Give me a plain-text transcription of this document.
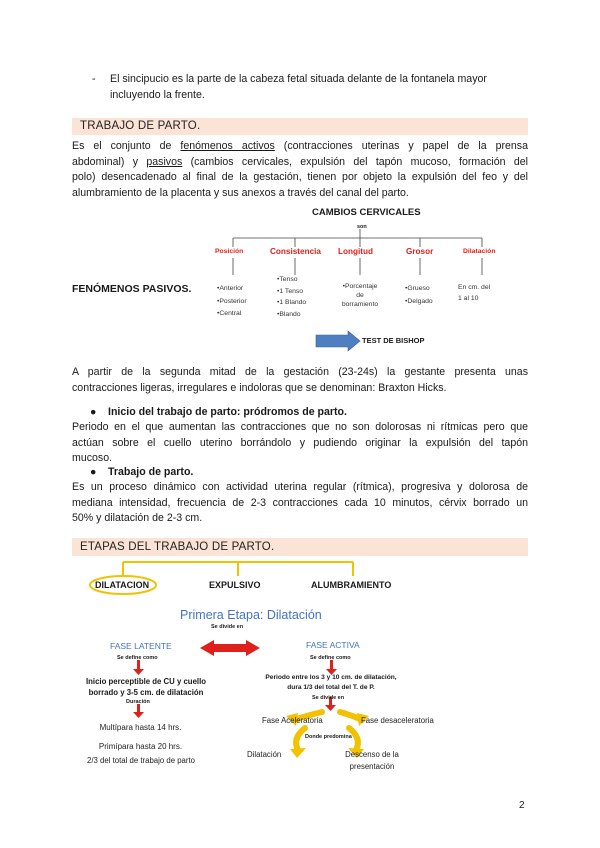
- El sincipucio es la parte de la cabeza fetal situada delante de la fontanela mayor
incluyendo la frente.
TRABAJO DE PARTO.
Es el conjunto de fenómenos activos (contracciones uterinas y papel de la prensa
abdominal) y pasivos (cambios cervicales, expulsión del tapón mucoso, formación del
polo) desencadenado al final de la gestación, tienen por objeto la expulsión del feo y del
alumbramiento de la placenta y sus anexos a través del canal del parto.
FENÓMENOS PASIVOS.
CAMBIOS CERVICALES
son
Posición	Consistencia Longitud	Grosor	Dilatación
•Anterior
•Posterior
•Central
•Tenso
•1 Tenso
•1 Blando
•Blando
•Porcentaje
de
borramiento
•Grueso
•Delgado
En cm. del
1 al 10
TEST DE BISHOP
A partir de la segunda mitad de la gestación (23-24s) la gestante presenta unas
contracciones ligeras, irregulares e indoloras que se denominan: Braxton Hicks.
● Inicio del trabajo de parto: pródromos de parto.
Periodo en el que aumentan las contracciones que no son dolorosas ni rítmicas pero que
actúan sobre el cuello uterino borrándolo y pudiendo originar la expulsión del tapón
mucoso.
● Trabajo de parto.
Es un proceso dinámico con actividad uterina regular (rítmica), progresiva y dolorosa de
mediana intensidad, frecuencia de 2-3 contracciones cada 10 minutos, cérvix borrado un
50% y dilatación de 2-3 cm.
ETAPAS DEL TRABAJO DE PARTO.
DILATACION	EXPULSIVO	ALUMBRAMIENTO
Primera Etapa: Dilatación
Se divide en
FASE LATENTE
Se define como
Inicio perceptible de CU y cuello
borrado y 3-5 cm. de dilatación
Duración
Multípara hasta 14 hrs.
Primípara hasta 20 hrs.
2/3 del total de trabajo de parto
FASE ACTIVA
Se define como
Periodo entre los 3 y 10 cm. de dilatación,
dura 1/3 del total del T. de P.
Se divide en
Fase Aceleratoria	Fase desaceleratoria
Donde predomina
Dilatación	Descenso de la
presentación
2
